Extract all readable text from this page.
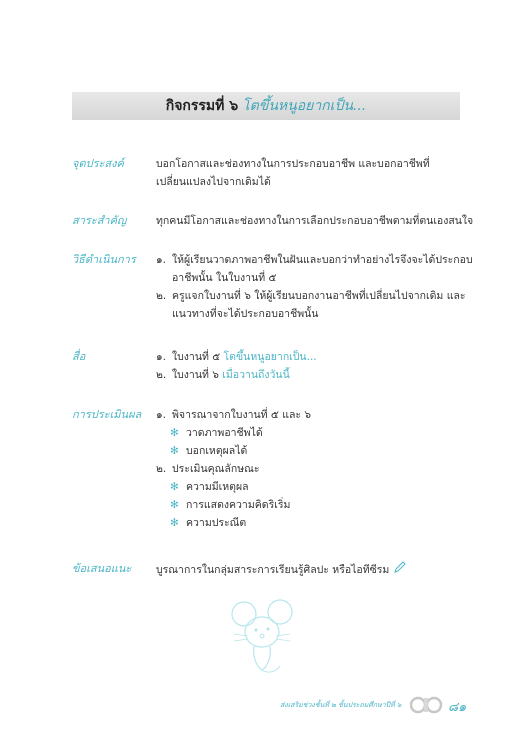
กิจกรรมที่ ๖ โตขึ้นหนูอยากเป็น...
จุดประสงค์	บอกโอกาสและช่องทางในการประกอบอาชีพ และบอกอาชีพที่
เปลี่ยนแปลงไปจากเดิมได้
สาระสำคัญ	ทุกคนมีโอกาสและช่องทางในการเลือกประกอบอาชีพตามที่ตนเองสนใจ
วิธีดำเนินการ	๑. ให้ผู้เรียนวาดภาพอาชีพในฝันและบอกว่าทำอย่างไรจึงจะได้ประกอบ
อาชีพนั้น ในใบงานที่ ๕
๒. ครูแจกใบงานที่ ๖ ให้ผู้เรียนบอกงานอาชีพที่เปลี่ยนไปจากเดิม และ
แนวทางที่จะได้ประกอบอาชีพนั้น
สื่อ	๑. ใบงานที่ ๕ โตขึ้นหนูอยากเป็น...
๒. ใบงานที่ ๖ เมื่อวานถึงวันนี้
การประเมินผล	๑. พิจารณาจากใบงานที่ ๕ และ ๖
✻ วาดภาพอาชีพได้
✻ บอกเหตุผลได้
๒. ประเมินคุณลักษณะ
✻ ความมีเหตุผล
✻ การแสดงความคิดริเริ่ม
✻ ความประณีต
ข้อเสนอแนะ	บูรณาการในกลุ่มสาระการเรียนรู้ศิลปะ หรือไอทีซีรม
ส่งเสริมช่วงชั้นที่ ๒ ชั้นประถมศึกษาปีที่ ๖	๘๑
